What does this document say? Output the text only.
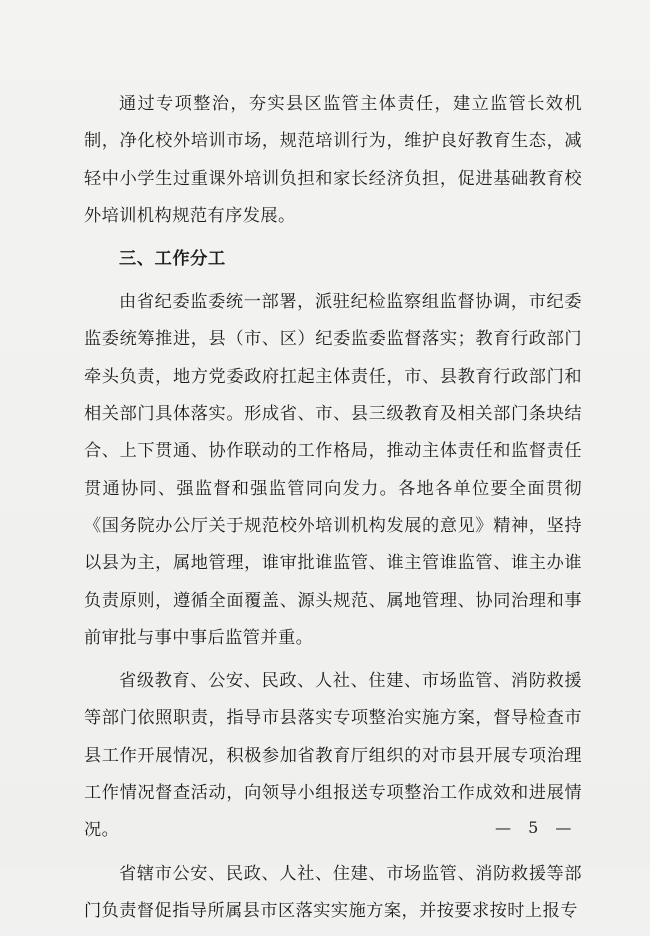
通过专项整治，夯实县区监管主体责任，建立监管长效机制，净化校外培训市场，规范培训行为，维护良好教育生态，减轻中小学生过重课外培训负担和家长经济负担，促进基础教育校外培训机构规范有序发展。

三、工作分工

由省纪委监委统一部署，派驻纪检监察组监督协调，市纪委监委统筹推进，县（市、区）纪委监委监督落实；教育行政部门牵头负责，地方党委政府扛起主体责任，市、县教育行政部门和相关部门具体落实。形成省、市、县三级教育及相关部门条块结合、上下贯通、协作联动的工作格局，推动主体责任和监督责任贯通协同、强监督和强监管同向发力。各地各单位要全面贯彻《国务院办公厅关于规范校外培训机构发展的意见》精神，坚持以县为主，属地管理，谁审批谁监管、谁主管谁监管、谁主办谁负责原则，遵循全面覆盖、源头规范、属地管理、协同治理和事前审批与事中事后监管并重。

省级教育、公安、民政、人社、住建、市场监管、消防救援等部门依照职责，指导市县落实专项整治实施方案，督导检查市县工作开展情况，积极参加省教育厅组织的对市县开展专项治理工作情况督查活动，向领导小组报送专项整治工作成效和进展情况。

省辖市公安、民政、人社、住建、市场监管、消防救援等部门负责督促指导所属县市区落实实施方案，并按要求按时上报专

— 5 —
